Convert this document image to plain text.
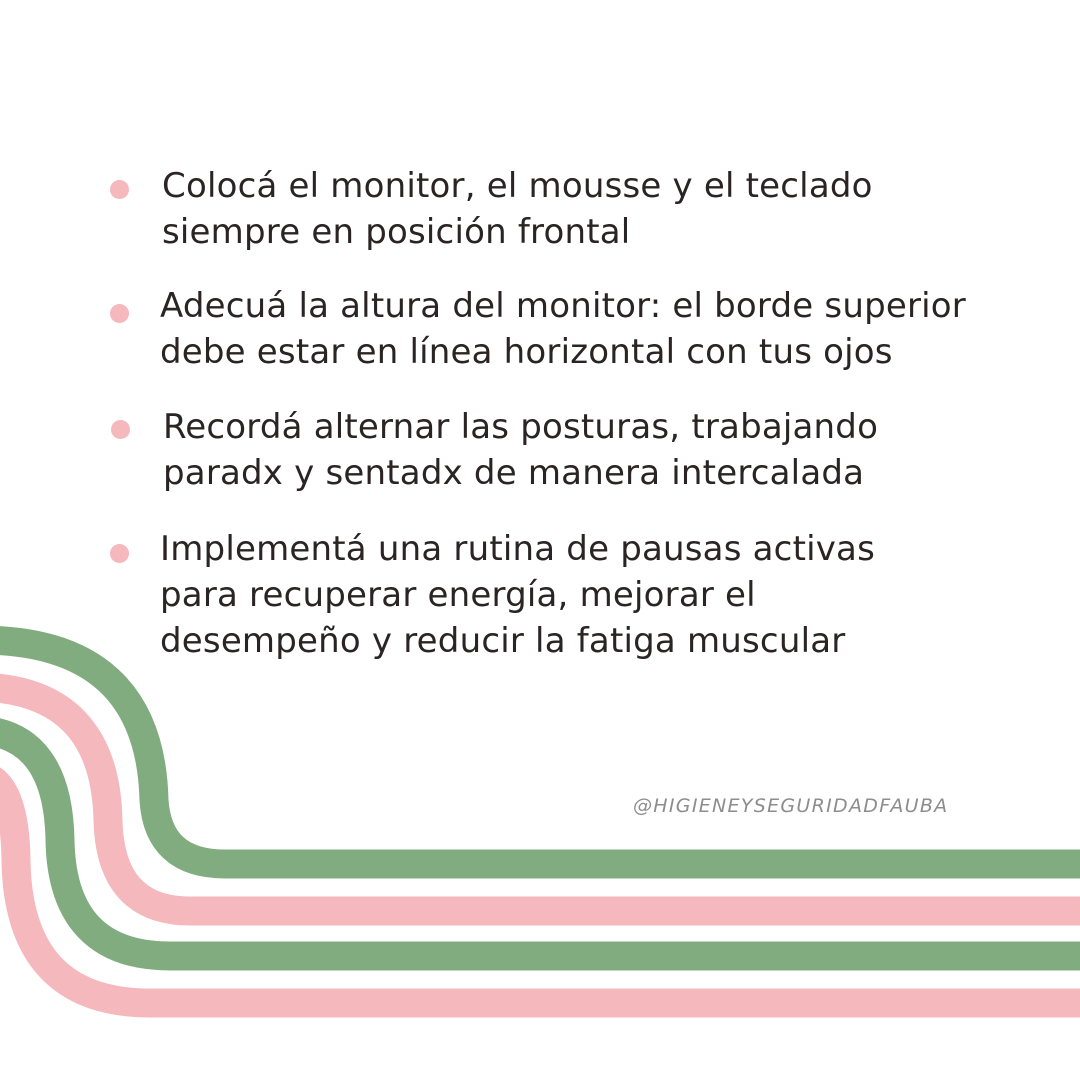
Colocá el monitor, el mousse y el teclado
siempre en posición frontal

Adecuá la altura del monitor: el borde superior
debe estar en línea horizontal con tus ojos

Recordá alternar las posturas, trabajando
paradx y sentadx de manera intercalada

Implementá una rutina de pausas activas
para recuperar energía, mejorar el
desempeño y reducir la fatiga muscular

@HIGIENEYSEGURIDADFAUBA
